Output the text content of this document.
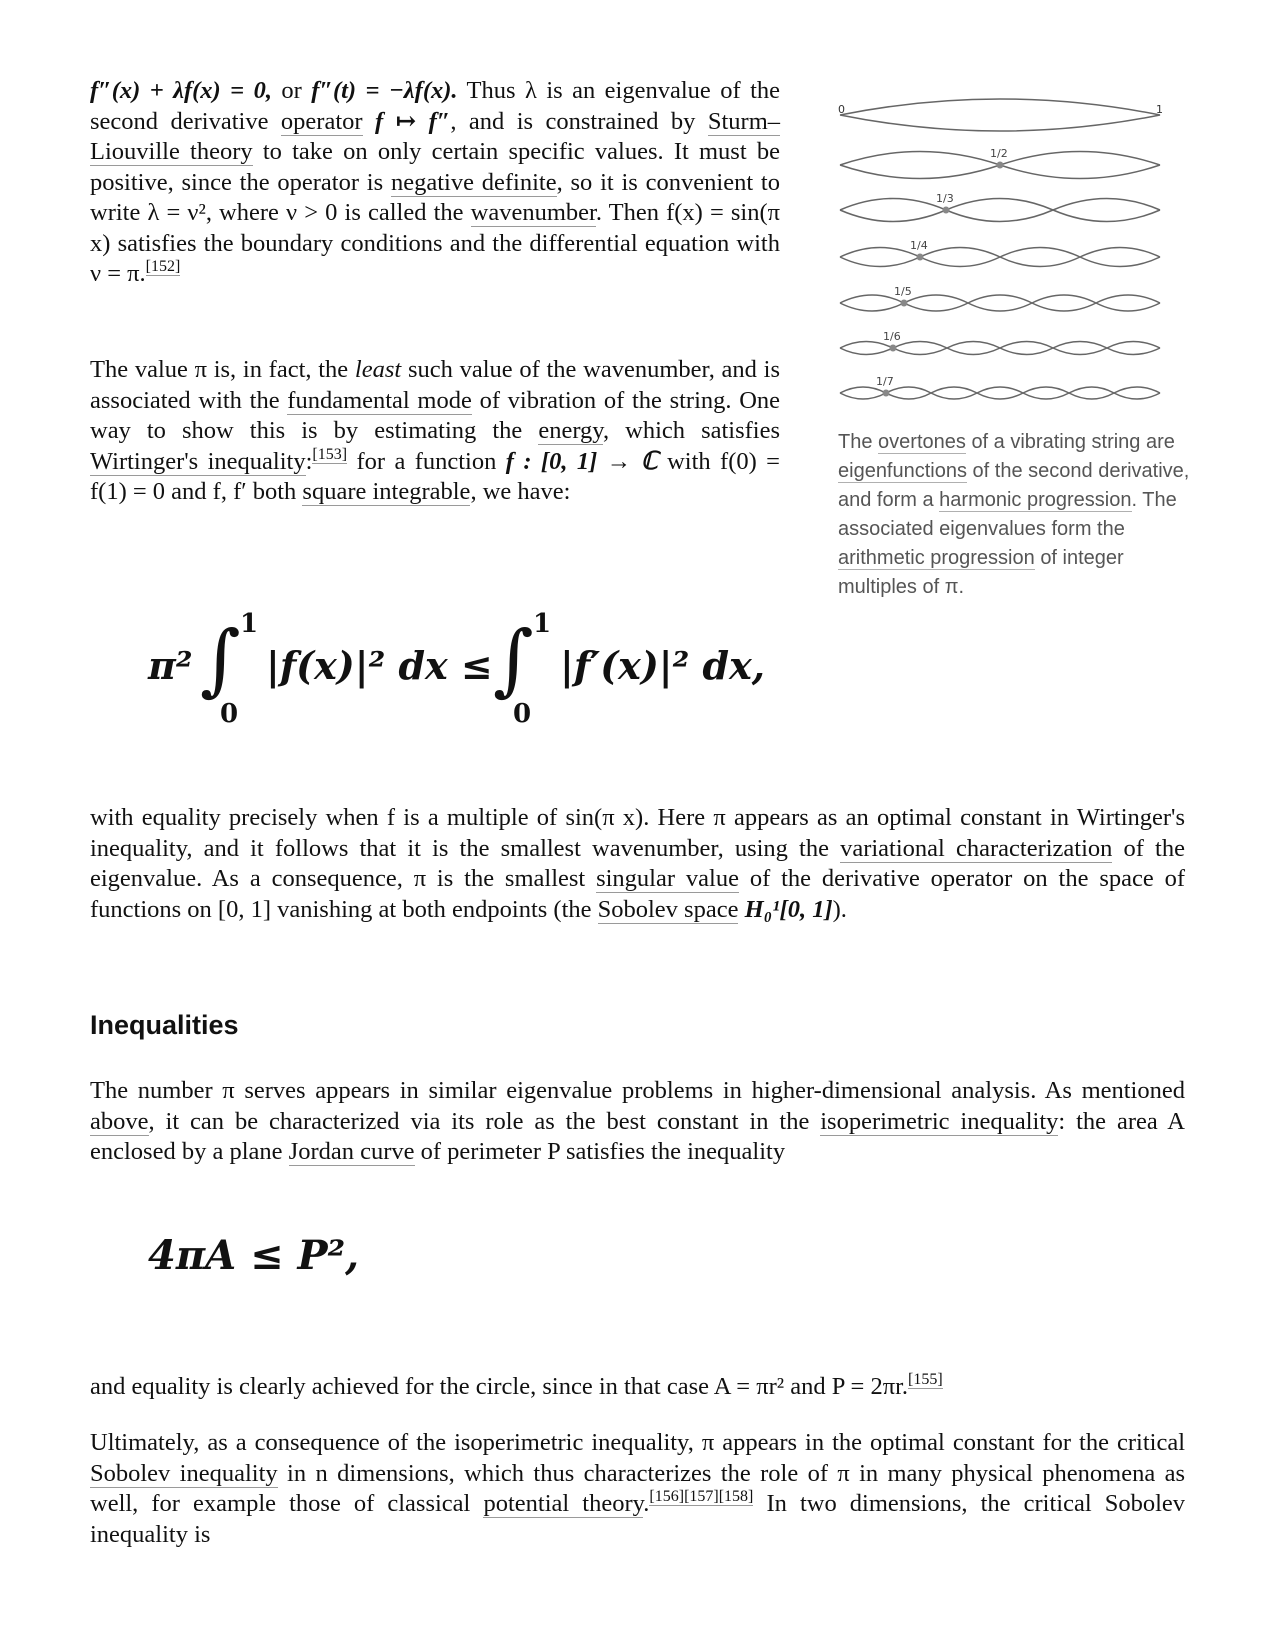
f″(x) + λf(x) = 0, or f″(t) = −λf(x). Thus λ is an eigenvalue of the second derivative operator f ↦ f″, and is constrained by Sturm–Liouville theory to take on only certain specific values. It must be positive, since the operator is negative definite, so it is convenient to write λ = ν², where ν > 0 is called the wavenumber. Then f(x) = sin(π x) satisfies the boundary conditions and the differential equation with ν = π.[152]

The value π is, in fact, the least such value of the wavenumber, and is associated with the fundamental mode of vibration of the string. One way to show this is by estimating the energy, which satisfies Wirtinger's inequality:[153] for a function f : [0, 1] → ℂ with f(0) = f(1) = 0 and f, f′ both square integrable, we have:

0	1
1/2
1/3
1/4
1/5
1/6
1/7
The overtones of a vibrating string are eigenfunctions of the second derivative, and form a harmonic progression. The associated eigenvalues form the arithmetic progression of integer multiples of π.
π² ∫ 1
0
|f(x)|² dx ≤ ∫ 1
0
|f′(x)|² dx,

with equality precisely when f is a multiple of sin(π x). Here π appears as an optimal constant in Wirtinger's inequality, and it follows that it is the smallest wavenumber, using the variational characterization of the eigenvalue. As a consequence, π is the smallest singular value of the derivative operator on the space of functions on [0, 1] vanishing at both endpoints (the Sobolev space H₀¹[0, 1]).

Inequalities

The number π serves appears in similar eigenvalue problems in higher-dimensional analysis. As mentioned above, it can be characterized via its role as the best constant in the isoperimetric inequality: the area A enclosed by a plane Jordan curve of perimeter P satisfies the inequality

4πA ≤ P²,

and equality is clearly achieved for the circle, since in that case A = πr² and P = 2πr.[155]

Ultimately, as a consequence of the isoperimetric inequality, π appears in the optimal constant for the critical Sobolev inequality in n dimensions, which thus characterizes the role of π in many physical phenomena as well, for example those of classical potential theory.[156][157][158] In two dimensions, the critical Sobolev inequality is
